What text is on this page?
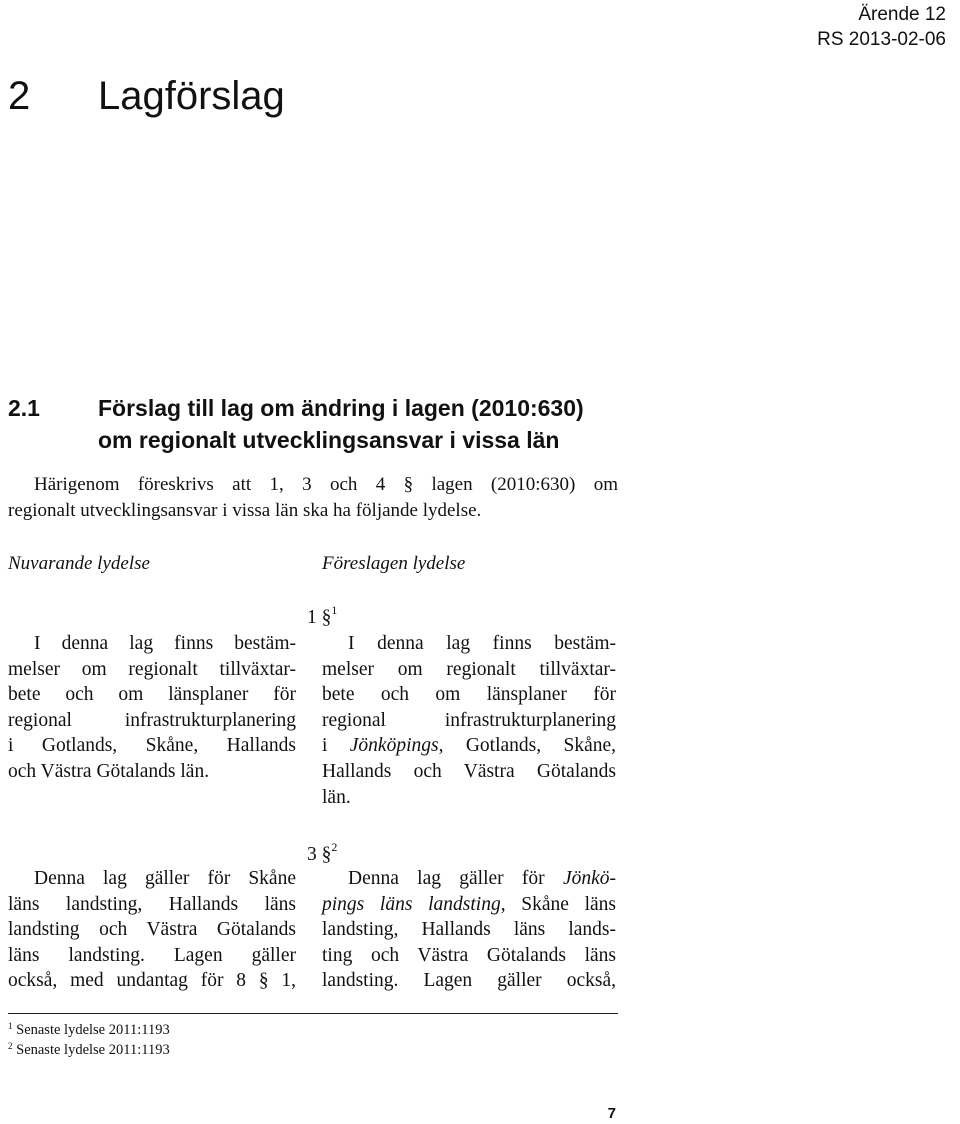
Ärende 12
RS 2013-02-06
2 Lagförslag
2.1	Förslag till lag om ändring i lagen (2010:630)
om regionalt utvecklingsansvar i vissa län
Härigenom föreskrivs att 1, 3 och 4 § lagen (2010:630) om
regionalt utvecklingsansvar i vissa län ska ha följande lydelse.
Nuvarande lydelse	Föreslagen lydelse
1 §$^1$
I denna lag finns bestäm-
melser om regionalt tillväxtar-
bete och om länsplaner för
regional infrastrukturplanering
i Gotlands, Skåne, Hallands
och Västra Götalands län.
I denna lag finns bestäm-
melser om regionalt tillväxtar-
bete och om länsplaner för
regional infrastrukturplanering
i Jönköpings, Gotlands, Skåne,
Hallands och Västra Götalands
län.
3 §$^2$
Denna lag gäller för Skåne
läns landsting, Hallands läns
landsting och Västra Götalands
läns landsting. Lagen gäller
också, med undantag för 8 § 1,
Denna lag gäller för Jönkö-
pings läns landsting, Skåne läns
landsting, Hallands läns lands-
ting och Västra Götalands läns
landsting. Lagen gäller också,
$^1$ Senaste lydelse 2011:1193
$^2$ Senaste lydelse 2011:1193
7
